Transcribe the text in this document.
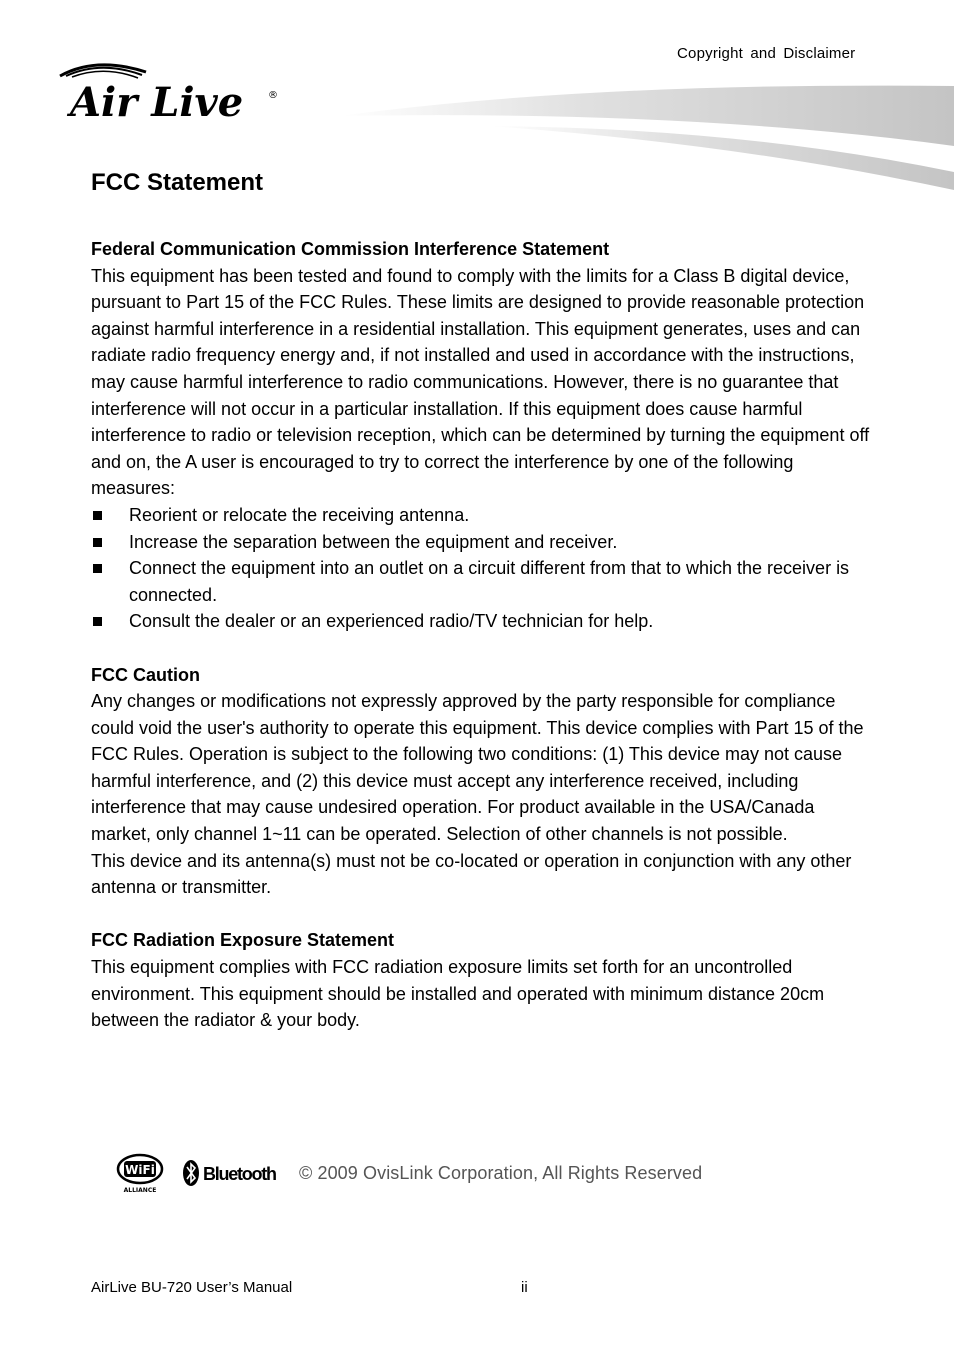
Copyright and Disclaimer
Air Live ®
FCC Statement
Federal Communication Commission Interference Statement

This equipment has been tested and found to comply with the limits for a Class B digital device, pursuant to Part 15 of the FCC Rules. These limits are designed to provide reasonable protection against harmful interference in a residential installation. This equipment generates, uses and can radiate radio frequency energy and, if not installed and used in accordance with the instructions, may cause harmful interference to radio communications. However, there is no guarantee that interference will not occur in a particular installation. If this equipment does cause harmful interference to radio or television reception, which can be determined by turning the equipment off and on, the A user is encouraged to try to correct the interference by one of the following measures:

Reorient or relocate the receiving antenna.
Increase the separation between the equipment and receiver.
Connect the equipment into an outlet on a circuit different from that to which the receiver is connected.
Consult the dealer or an experienced radio/TV technician for help.
FCC Caution

Any changes or modifications not expressly approved by the party responsible for compliance could void the user's authority to operate this equipment. This device complies with Part 15 of the FCC Rules. Operation is subject to the following two conditions: (1) This device may not cause harmful interference, and (2) this device must accept any interference received, including interference that may cause undesired operation. For product available in the USA/Canada market, only channel 1~11 can be operated. Selection of other channels is not possible.

This device and its antenna(s) must not be co-located or operation in conjunction with any other antenna or transmitter.

FCC Radiation Exposure Statement

This equipment complies with FCC radiation exposure limits set forth for an uncontrolled environment. This equipment should be installed and operated with minimum distance 20cm between the radiator & your body.

WiFi
ALLIANCE
Bluetooth © 2009 OvisLink Corporation, All Rights Reserved
AirLive BU-720 User’s Manual	ii
